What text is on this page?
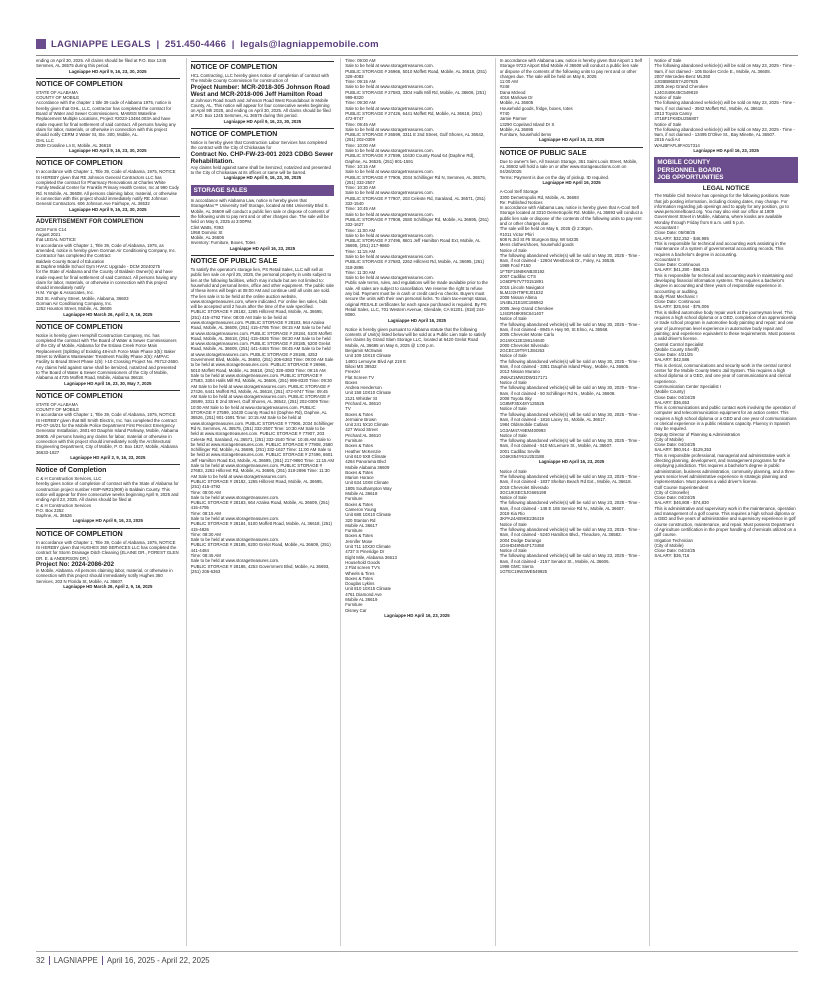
LAGNIAPPE LEGALS | 251.450-4466 | legals@lagniappemobile.com
ending on April 30, 2025. All claims should be filed at P.O. Box 1245 Semmes, AL 36575 during this period.
Lagniappe HD April 9, 16, 23, 30, 2025
NOTICE OF COMPLETION
STATE OF ALABAMA
COUNTY OF MOBILE
Accordance with the chapter 1 title 39 code of Alabama 1975, notice is hereby given that GHL, LLC, contractor has completed the contract for Board of Water and Sewer Commissioners, MAWSS Waterline Replacement Multiple Locations, Project #2023-13484.003A and have made request for final settlement of said contract. All persons having any claim for labor, materials, or otherwise in connection with this project should notify CERM 2 Water St, Ste. 300, Mobile, AL.
GHL LLC
2939 Crossline Ln E, Mobile, AL 36618
Lagniappe HD April 9, 16, 23, 30, 2025
NOTICE OF COMPLETION
In accordance with Chapter 1, Title 39, Code of Alabama, 1975, NOTICE IS HEREBY given that RE Johnson General Contractors LLC has completed the contract for Pharmacy Renovations at Charles White Family Medical Center for Franklin Primary Health Center, Inc at 990 Cody Rd. N Mobile, AL 36608. All persons claiming labor, material, or otherwise in connection with this project should immediately notify RE Johnson General Contractors. 606 Johnson Ave Fairhope, AL 36532
Lagniappe HD April 9, 16, 23, 30, 2025
ADVERTISEMENT FOR COMPLETION
DCM Form C14
August 2021
that LEGAL NOTICE
In accordance with Chapter 1, Title 39, Code of Alabama, 1975, as amended, notice is hereby given Gorman Air Conditioning Company, Inc.
Contractor has completed the Contract
Baldwin County Board of Education
at Daphne Middle School Gym HVAC Upgrade - DCM 20240275
for the State of Alabama and the County of Baldwin Owner(s) and have made request for final settlement of said Contract. All persons having any claim for labor, materials, or otherwise in connection with this project should immediately notify
H.M. Yonge & Associates, Inc.
253 St. Anthony Street, Mobile, Alabama, 36603
Gorman Air Conditioning Company, Inc.
1252 Houston Street, Mobile, AL 36606
Lagniappe HD March 26, April 2, 9, 16, 2025
NOTICE OF COMPLETION
Notice is hereby given Hemphill Construction Company, Inc. has completed the contract with The Board of Water & Sewer Commissioners of the City of Mobile, Alabama for the Eslava Creek Force Main Replacement (Splitting of Existing 48-inch Force Main Phase 3(5): Baker Street to Williams Wastewater Treatment Facility Phase 2(5): AMPAC Facility to Broad Street Phase 1(5): I-10 Crossing Project No. #5712-2650. Any claims held against same shall be itemized, notarized and presented to The Board of Water & Sewer Commissioners of the City of Mobile, Alabama at 4725 Moffett Road, Mobile, Alabama 36618.
Lagniappe HD April 16, 23, 30, May 7, 2025
NOTICE OF COMPLETION
STATE OF ALABAMA
COUNTY OF MOBILE
In accordance with Chapter 1, Title 39, Code of Alabama, 1975, NOTICE IS HEREBY given that Bill Smith Electric, Inc. has completed the contract PD-07-16/21 for the Mobile Police Department First Precinct Emergency Generator Installation, 2601-60 Dauphin Island Parkway, Mobile, Alabama 36605. All persons having any claims for labor, material or otherwise in connection with this project should immediately notify the Architectural Engineering Department, City of Mobile, P. O. Box 1827, Mobile, Alabama 36633-1827
Lagniappe HD April 2, 9, 16, 23, 2025
Notice of Completion
C & H Construction Services, LLC
hereby gives notice of completion of contract with the State of Alabama for construction project number HSIP-NR21(909) in Baldwin County. This notice will appear for three consecutive weeks beginning April 9, 2025 and ending April 23, 2025. All claims should be filed at
C & H Construction Services
P.O. Box 2252
Daphne, AL 36526
Lagniappe HD April 9, 16, 23, 2025
NOTICE OF COMPLETION
In accordance with Chapter 1, Title 39, Code of Alabama, 1975, NOTICE IS HEREBY given that HUGHES 360 SERVICES LLC has completed the contract for Storm Drainage Ditch Cleaning (ELAINE DR., FOREST GLEN DR. E. & ANDERSON DR.)
Project No: 2024-2086-202
in Mobile, Alabama. All persons claiming labor, material, or otherwise in connection with this project should immediately notify Hughes 360 Services, 203 N Florida St, Mobile, AL 36607.
Lagniappe HD March 26, April 2, 9, 16, 2025
NOTICE OF COMPLETION
HCL Contracting, LLC hereby gives notice of completion of contract with The Mobile County Commission for construction of
Project Number: MCR-2018-305 Johnson Road West and MCR-2018-006 Jeff Hamilton Road
at Johnson Road South and Johnson Road West Roundabout in Mobile County, AL. This notice will appear for four consecutive weeks beginning on April 9th 2025, and ending on April 30, 2025. All claims should be filed at P.O. Box 1245 Semmes, AL 36575 during this period.
Lagniappe HD April 9, 16, 23, 30, 2025
NOTICE OF COMPLETION
Notice is hereby given that Construction Labor Services has completed the contract with the City of Chickasaw for
Contract No. CHP-FW-23-001 2023 CDBG Sewer Rehabilitation.
Any claims held against same shall be itemized, notarized and presented to the City of Chickasaw at its offices or same will be barred.
Lagniappe HD April 9, 16, 23, 30, 2025
STORAGE SALES
In accordance with Alabama Law, notice is hereby given that StorageMax™ University Self Storage, located at 684 University Blvd S. Mobile, AL 36609 will conduct a public lien sale or dispose of contents of the following units to pay rent and or other charges due. The sale will be held on May 6, 2025 at 3:00PM.
Clint Watts, #393
1958 Dominic St
Mobile, AL 36606
Inventory: Furniture, Boxes, Totes
Lagniappe HD April 16, 23, 2025
NOTICE OF PUBLIC SALE
To satisfy the operator's storage lien, PS Retail Sales, LLC will sell at public lien sale on April 25, 2025, the personal property in units subject to lien at the following facilities, which may include but are not limited to: household and personal items, office and other equipment. The public sale of these items will begin at 08:00 AM and continue until all units are sold. The lien sale is to be held at the online auction website, www.storagetreasures.com, where indicated. For online lien sales, bids will be accepted until 2 hours after the time of the sale specified.
PUBLIC STORAGE # 28182, 1265 Hillcrest Road, Mobile, AL 36695, (251) 415-4792 Time: 08:00 AM Sale to be held at www.storagetreasures.com. PUBLIC STORAGE # 28183, 664 Azalea Road, Mobile, AL 36609, (251) 415-4795 Time: 08:15 AM Sale to be held at www.storagetreasures.com. PUBLIC STORAGE # 28184, 5100 Moffett Road, Mobile, AL 36618, (251) 415-4826 Time: 08:30 AM Sale to be held at www.storagetreasures.com. PUBLIC STORAGE # 28185, 6200 Grelot Road, Mobile, AL 36609, (251) 441-4484 Time: 08:45 AM Sale to be held at www.storagetreasures.com. PUBLIC STORAGE # 28186, 4253 Government Blvd, Mobile, AL 36693, (251) 206-6363 Time: 09:00 AM Sale to be held at www.storagetreasures.com. PUBLIC STORAGE # 26966, 5010 Moffett Road, Mobile, AL 36618, (251) 328-4083 Time: 09:15 AM Sale to be held at www.storagetreasures.com. PUBLIC STORAGE # 27583, 3304 Halls Mill Rd, Mobile, AL 36606, (251) 999-8320 Time: 09:30 AM Sale to be held at www.storagetreasures.com. PUBLIC STORAGE # 27426, 6441 Moffett Rd, Mobile, AL 36618, (251) 472-9747 Time: 09:45 AM Sale to be held at www.storagetreasures.com. PUBLIC STORAGE # 26599, 3311 E 2nd Street, Gulf Shores, AL 36542, (251) 202-0309 Time: 10:00 AM Sale to be held at www.storagetreasures.com. PUBLIC STORAGE # 27599, 10430 County Road 64 (Daphne Rd), Daphne, AL 36526, (251) 901-1591 Time: 10:15 AM Sale to be held at www.storagetreasures.com. PUBLIC STORAGE # 77906, 2034 Schillinger Rd N, Semmes, AL 36575, (251) 332-2507 Time: 10:30 AM Sale to be held at www.storagetreasures.com. PUBLIC STORAGE # 77907, 203 Celeste Rd, Saraland, AL 36571, (251) 332-1540 Time: 10:45 AM Sale to be held at www.storagetreasures.com. PUBLIC STORAGE # 77908, 2580 Schillinger Rd, Mobile, AL 36695, (251) 332-1627 Time: 11:00 AM Sale to be held at www.storagetreasures.com. PUBLIC STORAGE # 27496, 8601 Jeff Hamilton Road Ext, Mobile, AL 36695, (251) 217-9860 Time: 11:15 AM Sale to be held at www.storagetreasures.com. PUBLIC STORAGE # 27683, 2262 Hillcrest Rd, Mobile, AL 36695, (251) 318-2896 Time: 11:30 AM Sale to be held at www.storagetreasures.com.
PUBLIC STORAGE # 28182, 1265 Hillcrest Road, Mobile, AL 36695, (251) 415-4792
Time: 08:00 AM
Sale to be held at www.storagetreasures.com.
PUBLIC STORAGE # 28183, 664 Azalea Road, Mobile, AL 36609, (251) 415-4795
Time: 08:15 AM
Sale to be held at www.storagetreasures.com.
PUBLIC STORAGE # 28184, 5100 Moffett Road, Mobile, AL 36618, (251) 415-4826
Time: 08:30 AM
Sale to be held at www.storagetreasures.com.
PUBLIC STORAGE # 28185, 6200 Grelot Road, Mobile, AL 36609, (251) 441-4484
Time: 08:45 AM
Sale to be held at www.storagetreasures.com.
PUBLIC STORAGE # 28186, 4253 Government Blvd, Mobile, AL 36693, (251) 206-6363
Time: 09:00 AM
Sale to be held at www.storagetreasures.com.
PUBLIC STORAGE # 26966, 5010 Moffett Road, Mobile, AL 36618, (251) 328-4083
Time: 09:15 AM
Sale to be held at www.storagetreasures.com.
PUBLIC STORAGE # 27583, 3304 Halls Mill Rd, Mobile, AL 36606, (251) 999-8320
Time: 09:30 AM
Sale to be held at www.storagetreasures.com.
PUBLIC STORAGE # 27426, 6441 Moffett Rd, Mobile, AL 36618, (251) 472-9747
Time: 09:45 AM
Sale to be held at www.storagetreasures.com.
PUBLIC STORAGE # 26599, 3311 E 2nd Street, Gulf Shores, AL 36542, (251) 202-0309
Time: 10:00 AM
Sale to be held at www.storagetreasures.com.
PUBLIC STORAGE # 27599, 10430 County Road 64 (Daphne Rd), Daphne, AL 36526, (251) 901-1591
Time: 10:15 AM
Sale to be held at www.storagetreasures.com.
PUBLIC STORAGE # 77906, 2034 Schillinger Rd N, Semmes, AL 36575, (251) 332-2507
Time: 10:30 AM
Sale to be held at www.storagetreasures.com.
PUBLIC STORAGE # 77907, 203 Celeste Rd, Saraland, AL 36571, (251) 332-1540
Time: 10:45 AM
Sale to be held at www.storagetreasures.com.
PUBLIC STORAGE # 77908, 2580 Schillinger Rd, Mobile, AL 36695, (251) 332-1627
Time: 11:00 AM
Sale to be held at www.storagetreasures.com.
PUBLIC STORAGE # 27496, 8601 Jeff Hamilton Road Ext, Mobile, AL 36695, (251) 217-9860
Time: 11:15 AM
Sale to be held at www.storagetreasures.com.
PUBLIC STORAGE # 27683, 2262 Hillcrest Rd, Mobile, AL 36695, (251) 318-2896
Time: 11:30 AM
Sale to be held at www.storagetreasures.com.
Public sale terms, rules, and regulations will be made available prior to the sale. All sales are subject to cancellation. We reserve the right to refuse any bid. Payment must be in cash or credit card-no checks. Buyers must secure the units with their own personal locks. To claim tax-exempt status, original RESALE certificates for each space purchased is required. By PS Retail Sales, LLC, 701 Western Avenue, Glendale, CA 91201. (818) 244-8080.
Lagniappe HD April 16, 2025
Notice is hereby given pursuant to Alabama statute that the following contents of Unit(s) listed below will be sold at a Public Lien Sale to satisfy lien claims by Grand Slam Storage LLC, located at 6420 Grelot Road Mobile, AL 36695 on May 6, 2025 @ 1:00 p.m.
Benjamin McSwain
Unit 109 10X10 Climate
14801 Lemoyne Blvd Apt 219 E
Biloxi MS 39532
Freezer
Flat Screen TV
Boxes
Andrea Henderson
Unit 158 10X10 Climate
2121 Whistler St
Prichard AL 36610
TV
Boxes & Totes
Jermaine Brown
Unit 241 5X10 Climate
427 Wood Street
Prichard AL 36610
Furniture
Boxes & Totes
Heather McKenzie
Unit 610 5X8 Climate
4264 Panorama Blvd
Mobile Alabama 36609
Boxes & Totes
Marion Horace
Unit 634 10X8 Climate
1805 Southampton Way
Mobile AL 36618
Furniture
Boxes & Totes
Cameron Young
Unit 688 10X10 Climate
320 Stanton Rd
Mobile AL 36617
Furniture
Boxes & Totes
Jennifer Mose
Unit 711 10X20 Climate
4737 S Pineridge Dr
Eight Mile, Alabama 36613
Household Goods
2 Flat screen TV's
Wheels & Tires
Boxes & Totes
Douglas Lykins
Unit 810 10X15 Climate
4761 Diamond Ave
Mobile AL 36619
Furniture
Disney Car
Lagniappe HD April 16, 23, 2025
In accordance with Alabama Law, notice is hereby given that Airport 1 Self Storage 9723 Airport Blvd Mobile Al 36608 will conduct a public lien sale or dispose of the contents of the following units to pay rent and or other charges due. The sale will be held on May 6, 2025
11:00 AM
#248
Dana Mcleod
4016 Marlowe Dr
Mobile, AL 36605
Household goods, fridge, boxes, totes
#740
Jamie Parmer
13290 Copeland Island Dr S
Mobile, AL 36695
Furniture, household items
Lagniappe HD April 16, 23, 2025
NOTICE OF PUBLIC SALE
Due to owner's lien, All Season Storage, 361 Saint Louis Street, Mobile, AL 36602 will hold a sale on or after www.storageauctions.com on 04/26/2025
Terms: Payment is due on the day of pickup. ID required.
Lagniappe HD April 16, 2025
A-Cool Self Storage
3300 Demetropolis Rd, Mobile, AL 36693
Re: Published Notices
In accordance with Alabama Law, notice is hereby given that A-Cool Self Storage located at 3310 Demetropolis Rd. Mobile, AL 36693 will conduct a public lien sale or dispose of the contents of the following units to pay rent and or other charges due.
The sale will be held on May 6, 2025 @ 2:30pm.
#1011 Victor Phiri
608 N.3rd St #5 Sturgeon Bay, WI 54235
Mens clothes/shoes, household goods
Notice of Sale
The following abandoned vehicle(s) will be sold on May 30, 2025 - Time - 9am, if not claimed - 12604 Westbrook Dr., Foley, AL 36535.
1989 Ford F150
1FTEF15N8KNB30192
2007 Cadillac CTS
1G6DP57V770151891
2015 Lincoln Navigator
5LMJJ2HT9FEJ01532
2008 Nissan Altima
1N4BL21E18C186942
2005 Jeep Grand Cherokee
1J4GR48K95C641407
Notice of Sale
The following abandoned vehicle(s) will be sold on May 30, 2025 - Time - 9am, if not claimed - 8945 A Hwy 90, St Elmo, AL 36568.
2005 Chevrolet Monte Carlo
2G1WX12E159144640
2000 Chevrolet Silverado
2GCEC19T9Y1384263
Notice of Sale
The following abandoned vehicle(s) will be sold on May 30, 2025 - Time - 9am, if not claimed - 3351 Dauphin Island Pkwy., Mobile, AL 36605.
2013 Nissan Murano
JN8AZ1MW2DW317171
Notice of Sale
The following abandoned vehicle(s) will be sold on May 30, 2025 - Time - 9am, if not claimed - 50 Schillinger Rd N., Mobile, AL 36608.
2008 Toyota Sky
1G8MF35X48Y125525
Notice of Sale
The following abandoned vehicle(s) will be sold on May 30, 2025 - Time - 9am, if not claimed - 1816 Lacey St., Mobile, AL 36617.
1984 Oldsmobile Cutlass
1G3AM47A9EM400993
Notice of Sale
The following abandoned vehicle(s) will be sold on May 30, 2025 - Time - 9am, if not claimed - 510 McLemore St., Mobile, AL 36607.
2001 Cadillac Seville
1G6KS54Y61U253188
Lagniappe HD April 16, 23, 2025
Notice of Sale
The following abandoned vehicle(s) will be sold on May 23, 2025 - Time - 9am, if not claimed - 1837 Shelton Beach Rd Ext., Mobile, AL 36618.
2018 Chevrolet Silverado
3GCUKSEC5JG665198
Notice of Sale
The following abandoned vehicle(s) will be sold on May 23, 2025 - Time - 9am, if not claimed - 148 E 165 Service Rd N., Mobile, AL 36607.
2019 Kia Rio
3KPA24AB9KE236419
Notice of Sale
The following abandoned vehicle(s) will be sold on May 23, 2025 - Time - 9am, if not claimed - 5240 Hamilton Blvd., Theodore, AL 36582.
2004 Dodge Durango
1D4HD48N54F173458
Notice of Sale
The following abandoned vehicle(s) will be sold on May 23, 2025 - Time - 9am, if not claimed - 2157 Senator St., Mobile, AL 36606.
1998 GMC Sierra
1GTEC19W3WE549925
Notice of Sale
The following abandoned vehicle(s) will be sold on May 23, 2025 - Time - 9am, if not claimed - 105 Border Circle E., Mobile, AL 36608.
2007 Mercedes-Benz ML350
4JGBB86E57A207925
2005 Jeep Grand Cherokee
1J4GS48K45C549819
Notice of Sale
The following abandoned vehicle(s) will be sold on May 23, 2025 - Time - 9am, if not claimed - 3942 Moffett Rd., Mobile, AL 36618.
2013 Toyota Camry
4T1BF1FK8DU256807
Notice of Sale
The following abandoned vehicle(s) will be sold on May 23, 2025 - Time - 9am, if not claimed - 13495 D'Olive St., Bay Minette, AL 36507.
2015 Audi A4
WAUBFAFL9FA017314
Lagniappe HD April 16, 23, 2025
MOBILE COUNTY
PERSONNEL BOARD
JOB OPPORTUNITIES
LEGAL NOTICE
The Mobile Civil Service has openings for the following positions. Note that job posting information, including closing dates, may change. For information regarding job openings and to apply for any position, go to www.personnelboard.org. You may also visit our office at 1809 Government Street in Mobile, Alabama, where kiosks are available Monday through Friday from 8 a.m. until 5 p.m.
Accountant I
Close Date: 05/08/25
SALARY: $32,252 - $46,985
This is responsible for technical and accounting work assisting in the maintenance of a system of governmental accounting records. This requires a bachelor's degree in accounting.
Accountant II
Close Date: Continuous
SALARY: $41,280 - $96,015
This is responsible for technical and accounting work in maintaining and developing financial information systems. This requires a bachelor's degree in accounting and three years of responsible experience in accounting or auditing.
Body Plant Mechanic I
Close Date: Continuous
SALARY: $25,944 - $75,006
This is skilled automotive body repair work at the journeyman level. This requires a high school diploma or a GED, completion of an apprenticeship or trade school program in automotive body painting and repair; and one year of journeyman level experience in automotive body repair and painting; and experience equivalent to these requirements. Must possess a valid driver's license.
Central Control Specialist
(Mobile County Sheriff)
Close Date: 4/21/25
SALARY: $42,586
This is clerical, communications and security work in the central control center for the Mobile County Metro Jail System. This requires a high school diploma or a GED, and one year of communications and clerical experience.
Communication Center Specialist I
(Mobile County)
Close Date: 04/24/25
SALARY: $36,653
This is communications and public contact work involving the operation of computer and telecommunication equipment for an action center. This requires a high school diploma or a GED and one year of communications or clerical experience in a public relations capacity. Fluency in Spanish may be required.
Deputy Director of Planning & Administration
(City of Mobile)
Close Date: 04/24/25
SALARY: $80,914 - $129,353
This is responsible professional, managerial and administrative work in directing planning, development, and management programs for the employing jurisdiction. This requires a bachelor's degree in public administration, business administration, community planning, and a three years senior level administrative experience in strategic planning and implementation. Must possess a valid driver's license.
Golf Course Superintendent
(City of Citronelle)
Close Date: 04/24/25
SALARY: $46,808 - $74,830
This is administrative and supervisory work in the maintenance, operation and management of a golf course. This requires a high school diploma or a GED and five years of administrative and supervisory experience in golf course construction, maintenance, and repair. Must possess Department of Agriculture certification in the proper handling of chemicals utilized on a golf course.
Irrigation Technician
(City of Mobile)
Close Date: 04/24/25
SALARY: $36,716
32 LAGNIAPPE April 16, 2025 - April 22, 2025
